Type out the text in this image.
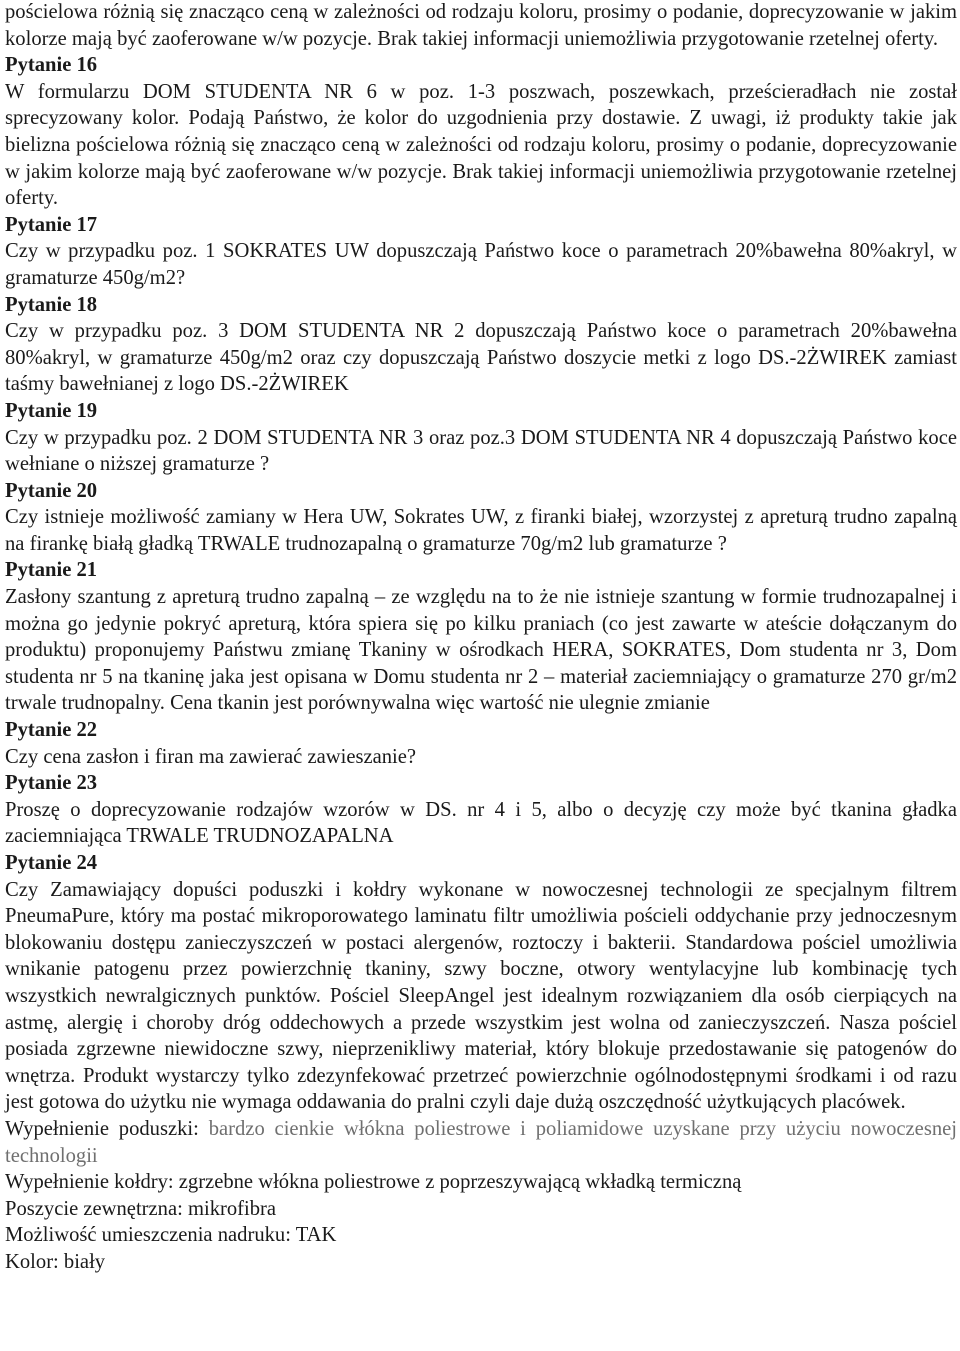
pościelowa różnią się znacząco ceną w zależności od rodzaju koloru, prosimy o podanie, doprecyzowanie w jakim kolorze mają być zaoferowane w/w pozycje. Brak takiej informacji uniemożliwia przygotowanie rzetelnej oferty.

Pytanie 16

W formularzu DOM STUDENTA NR 6 w poz. 1-3 poszwach, poszewkach, prześcieradłach nie został sprecyzowany kolor. Podają Państwo, że kolor do uzgodnienia przy dostawie. Z uwagi, iż produkty takie jak bielizna pościelowa różnią się znacząco ceną w zależności od rodzaju koloru, prosimy o podanie, doprecyzowanie w jakim kolorze mają być zaoferowane w/w pozycje. Brak takiej informacji uniemożliwia przygotowanie rzetelnej oferty.

Pytanie 17

Czy w przypadku poz. 1 SOKRATES UW dopuszczają Państwo koce o parametrach 20%bawełna 80%akryl, w gramaturze 450g/m2?

Pytanie 18

Czy w przypadku poz. 3 DOM STUDENTA NR 2 dopuszczają Państwo koce o parametrach 20%bawełna 80%akryl, w gramaturze 450g/m2 oraz czy dopuszczają Państwo doszycie metki z logo DS.-2ŻWIREK zamiast taśmy bawełnianej z logo DS.-2ŻWIREK

Pytanie 19

Czy w przypadku poz. 2 DOM STUDENTA NR 3 oraz poz.3 DOM STUDENTA NR 4 dopuszczają Państwo koce wełniane o niższej gramaturze ?

Pytanie 20

Czy istnieje możliwość zamiany w Hera UW, Sokrates UW, z firanki białej, wzorzystej z apreturą trudno zapalną na firankę białą gładką TRWALE trudnozapalną o gramaturze 70g/m2 lub gramaturze ?

Pytanie 21

Zasłony szantung z apreturą trudno zapalną – ze względu na to że nie istnieje szantung w formie trudnozapalnej i można go jedynie pokryć apreturą, która spiera się po kilku praniach (co jest zawarte w ateście dołączanym do produktu) proponujemy Państwu zmianę Tkaniny w ośrodkach HERA, SOKRATES, Dom studenta nr 3, Dom studenta nr 5 na tkaninę jaka jest opisana w Domu studenta nr 2 – materiał zaciemniający o gramaturze 270 gr/m2 trwale trudnopalny. Cena tkanin jest porównywalna więc wartość nie ulegnie zmianie

Pytanie 22

Czy cena zasłon i firan ma zawierać zawieszanie?

Pytanie 23

Proszę o doprecyzowanie rodzajów wzorów w DS. nr 4 i 5, albo o decyzję czy może być tkanina gładka zaciemniająca TRWALE TRUDNOZAPALNA

Pytanie 24

Czy Zamawiający dopuści poduszki i kołdry wykonane w nowoczesnej technologii ze specjalnym filtrem PneumaPure, który ma postać mikroporowatego laminatu filtr umożliwia pościeli oddychanie przy jednoczesnym blokowaniu dostępu zanieczyszczeń w postaci alergenów, roztoczy i bakterii. Standardowa pościel umożliwia wnikanie patogenu przez powierzchnię tkaniny, szwy boczne, otwory wentylacyjne lub kombinację tych wszystkich newralgicznych punktów. Pościel SleepAngel jest idealnym rozwiązaniem dla osób cierpiących na astmę, alergię i choroby dróg oddechowych a przede wszystkim jest wolna od zanieczyszczeń. Nasza pościel posiada zgrzewne niewidoczne szwy, nieprzenikliwy materiał, który blokuje przedostawanie się patogenów do wnętrza. Produkt wystarczy tylko zdezynfekować przetrzeć powierzchnie ogólnodostępnymi środkami i od razu jest gotowa do użytku nie wymaga oddawania do pralni czyli daje dużą oszczędność użytkujących placówek.

Wypełnienie poduszki: bardzo cienkie włókna poliestrowe i poliamidowe uzyskane przy użyciu nowoczesnej technologii

Wypełnienie kołdry: zgrzebne włókna poliestrowe z poprzeszywającą wkładką termiczną

Poszycie zewnętrzna: mikrofibra

Możliwość umieszczenia nadruku: TAK

Kolor: biały
